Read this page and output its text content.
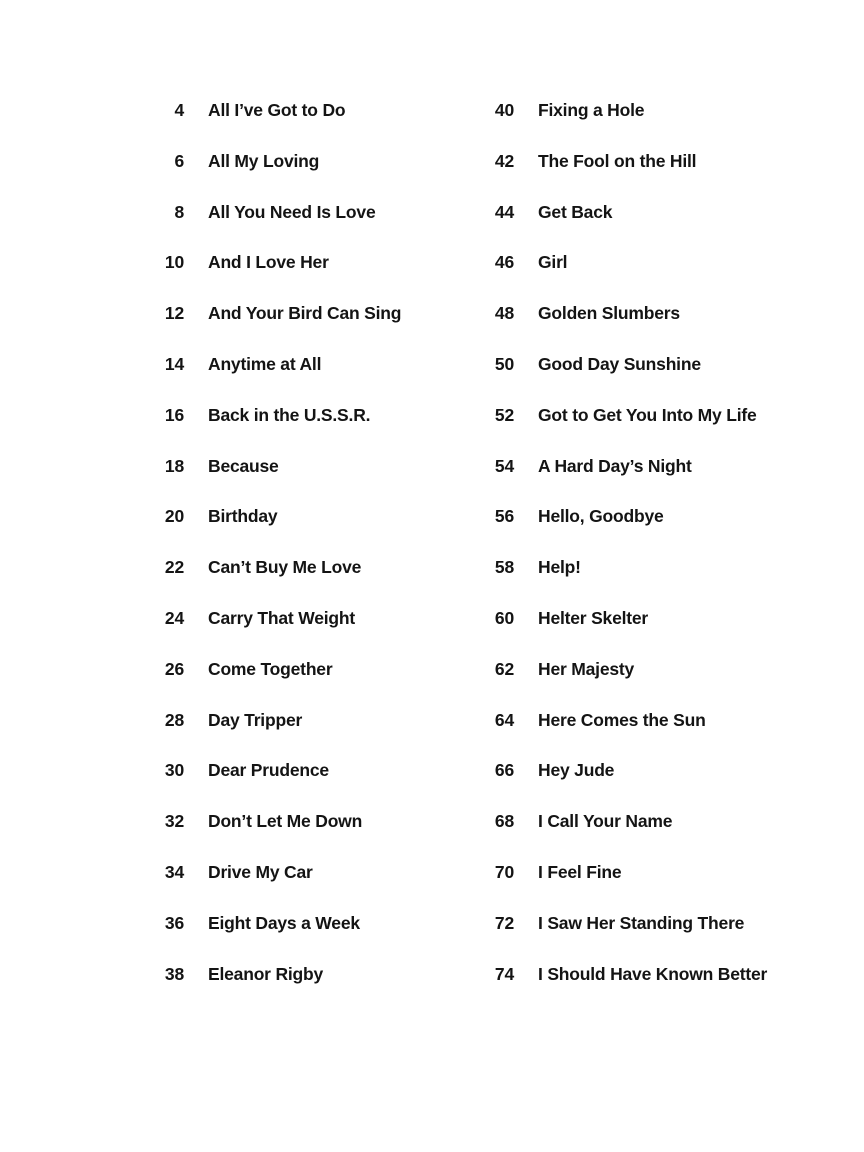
4	All I’ve Got to Do
6	All My Loving
8	All You Need Is Love
10	And I Love Her
12	And Your Bird Can Sing
14	Anytime at All
16	Back in the U.S.S.R.
18	Because
20	Birthday
22	Can’t Buy Me Love
24	Carry That Weight
26	Come Together
28	Day Tripper
30	Dear Prudence
32	Don’t Let Me Down
34	Drive My Car
36	Eight Days a Week
38	Eleanor Rigby
40	Fixing a Hole
42	The Fool on the Hill
44	Get Back
46	Girl
48	Golden Slumbers
50	Good Day Sunshine
52	Got to Get You Into My Life
54	A Hard Day’s Night
56	Hello, Goodbye
58	Help!
60	Helter Skelter
62	Her Majesty
64	Here Comes the Sun
66	Hey Jude
68	I Call Your Name
70	I Feel Fine
72	I Saw Her Standing There
74	I Should Have Known Better
